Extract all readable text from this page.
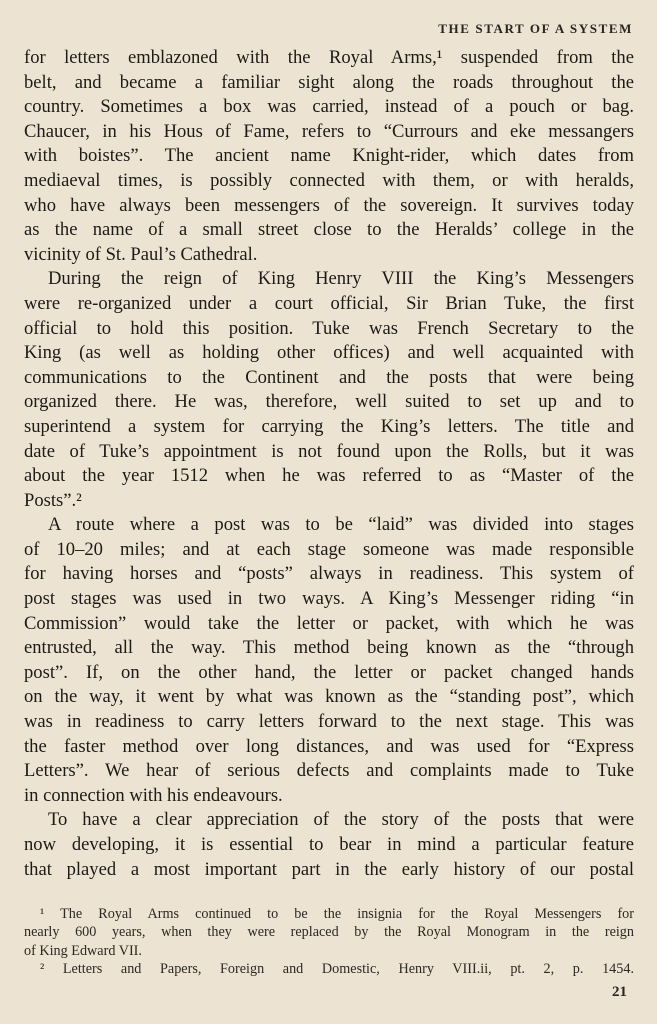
THE START OF A SYSTEM
for letters emblazoned with the Royal Arms,¹ suspended from the
belt, and became a familiar sight along the roads throughout the
country. Sometimes a box was carried, instead of a pouch or bag.
Chaucer, in his Hous of Fame, refers to “Currours and eke messangers
with boistes”. The ancient name Knight-rider, which dates from
mediaeval times, is possibly connected with them, or with heralds,
who have always been messengers of the sovereign. It survives today
as the name of a small street close to the Heralds’ college in the
vicinity of St. Paul’s Cathedral.
During the reign of King Henry VIII the King’s Messengers
were re-organized under a court official, Sir Brian Tuke, the first
official to hold this position. Tuke was French Secretary to the
King (as well as holding other offices) and well acquainted with
communications to the Continent and the posts that were being
organized there. He was, therefore, well suited to set up and to
superintend a system for carrying the King’s letters. The title and
date of Tuke’s appointment is not found upon the Rolls, but it was
about the year 1512 when he was referred to as “Master of the
Posts”.²
A route where a post was to be “laid” was divided into stages
of 10–20 miles; and at each stage someone was made responsible
for having horses and “posts” always in readiness. This system of
post stages was used in two ways. A King’s Messenger riding “in
Commission” would take the letter or packet, with which he was
entrusted, all the way. This method being known as the “through
post”. If, on the other hand, the letter or packet changed hands
on the way, it went by what was known as the “standing post”, which
was in readiness to carry letters forward to the next stage. This was
the faster method over long distances, and was used for “Express
Letters”. We hear of serious defects and complaints made to Tuke
in connection with his endeavours.
To have a clear appreciation of the story of the posts that were
now developing, it is essential to bear in mind a particular feature
that played a most important part in the early history of our postal
¹ The Royal Arms continued to be the insignia for the Royal Messengers for
nearly 600 years, when they were replaced by the Royal Monogram in the reign
of King Edward VII.
² Letters and Papers, Foreign and Domestic, Henry VIII.ii, pt. 2, p. 1454.
21
